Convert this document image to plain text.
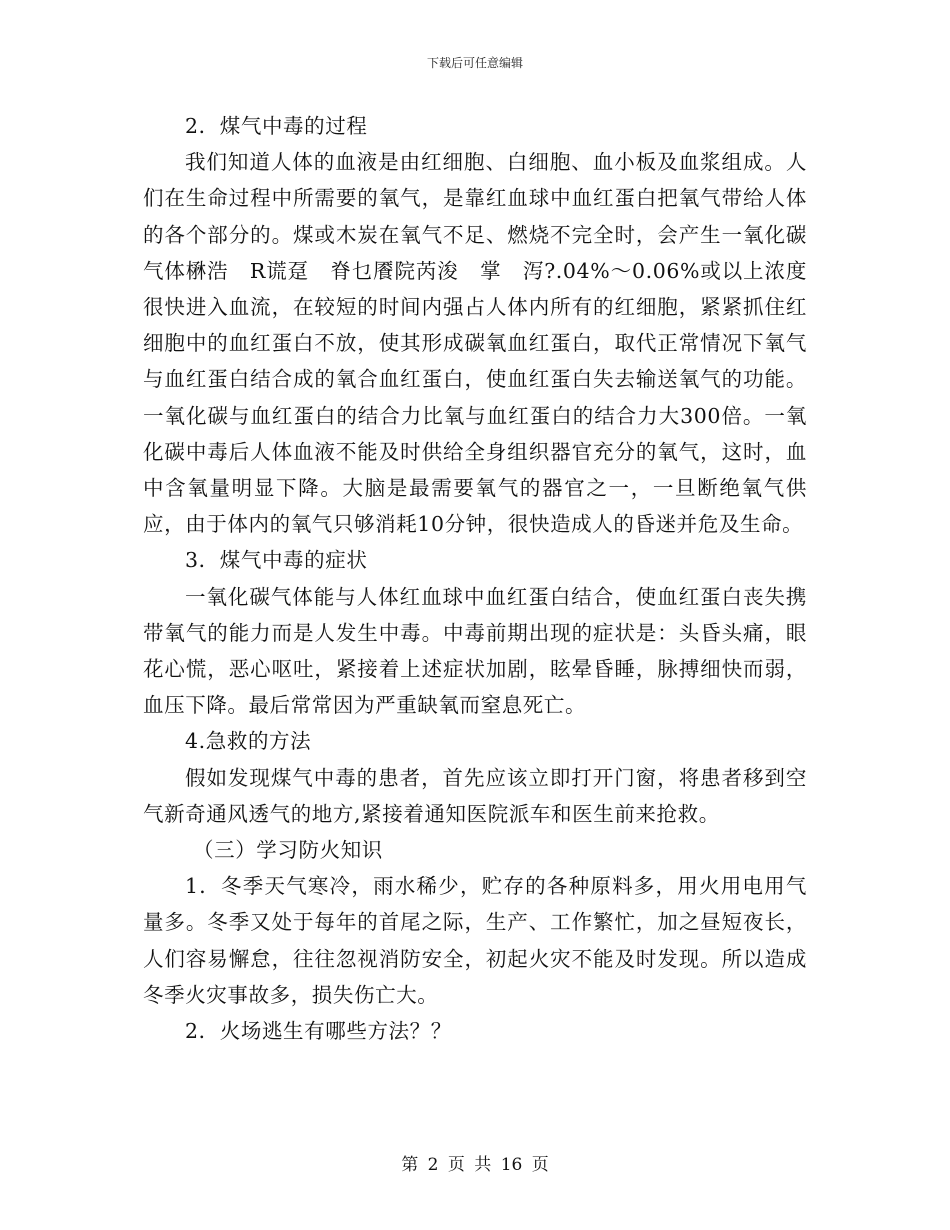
下载后可任意编辑

2．煤气中毒的过程

我们知道人体的血液是由红细胞、白细胞、血小板及血浆组成。人们在生命过程中所需要的氧气，是靠红血球中血红蛋白把氧气带给人体的各个部分的。煤或木炭在氧气不足、燃烧不完全时，会产生一氧化碳气体楙浩　R谎趸　脊乜餍院芮浚　掌　泻?.04%～0.06%或以上浓度很快进入血流，在较短的时间内强占人体内所有的红细胞，紧紧抓住红细胞中的血红蛋白不放，使其形成碳氧血红蛋白，取代正常情况下氧气与血红蛋白结合成的氧合血红蛋白，使血红蛋白失去输送氧气的功能。一氧化碳与血红蛋白的结合力比氧与血红蛋白的结合力大300倍。一氧化碳中毒后人体血液不能及时供给全身组织器官充分的氧气，这时，血中含氧量明显下降。大脑是最需要氧气的器官之一，一旦断绝氧气供应，由于体内的氧气只够消耗10分钟，很快造成人的昏迷并危及生命。

3．煤气中毒的症状

一氧化碳气体能与人体红血球中血红蛋白结合，使血红蛋白丧失携带氧气的能力而是人发生中毒。中毒前期出现的症状是：头昏头痛，眼花心慌，恶心呕吐，紧接着上述症状加剧，眩晕昏睡，脉搏细快而弱，血压下降。最后常常因为严重缺氧而窒息死亡。

4.急救的方法

假如发现煤气中毒的患者，首先应该立即打开门窗，将患者移到空气新奇通风透气的地方,紧接着通知医院派车和医生前来抢救。

（三）学习防火知识

1．冬季天气寒冷，雨水稀少，贮存的各种原料多，用火用电用气量多。冬季又处于每年的首尾之际，生产、工作繁忙，加之昼短夜长，人们容易懈怠，往往忽视消防安全，初起火灾不能及时发现。所以造成冬季火灾事故多，损失伤亡大。

2．火场逃生有哪些方法？？

第 2 页 共 16 页
